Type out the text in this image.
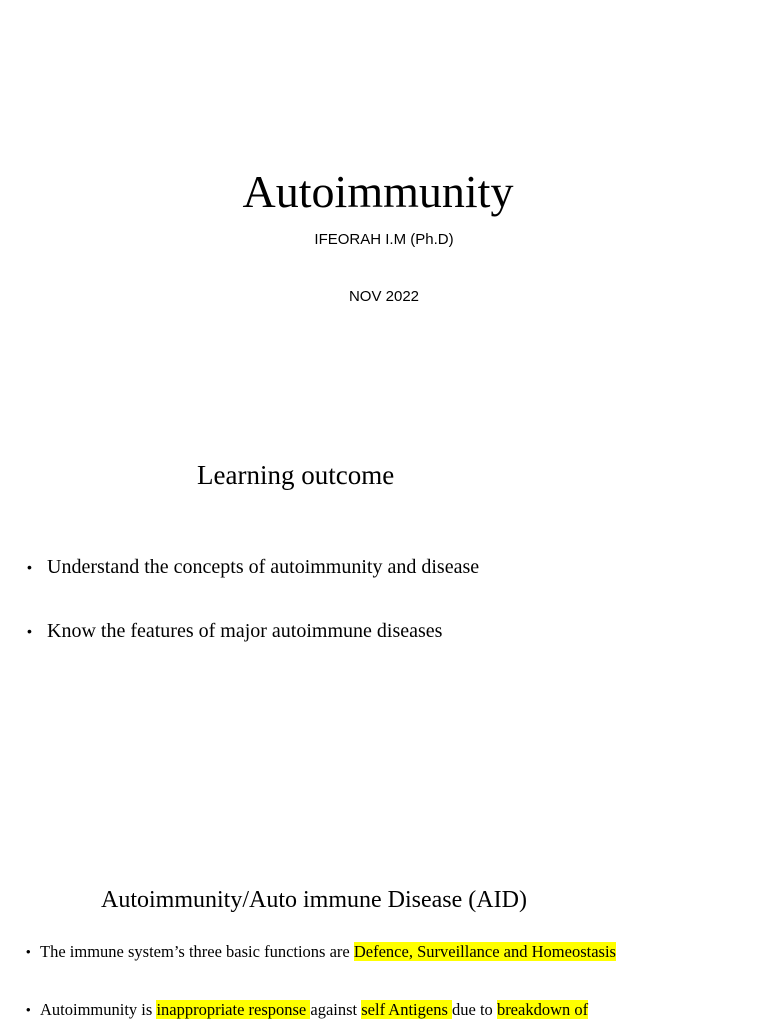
Autoimmunity
IFEORAH I.M (Ph.D)
NOV 2022
Learning outcome
• Understand the concepts of autoimmunity and disease
• Know the features of major autoimmune diseases
Autoimmunity/Auto immune Disease (AID)
• The immune system’s three basic functions are Defence, Surveillance and Homeostasis
• Autoimmunity is inappropriate response against self Antigens due to breakdown of
